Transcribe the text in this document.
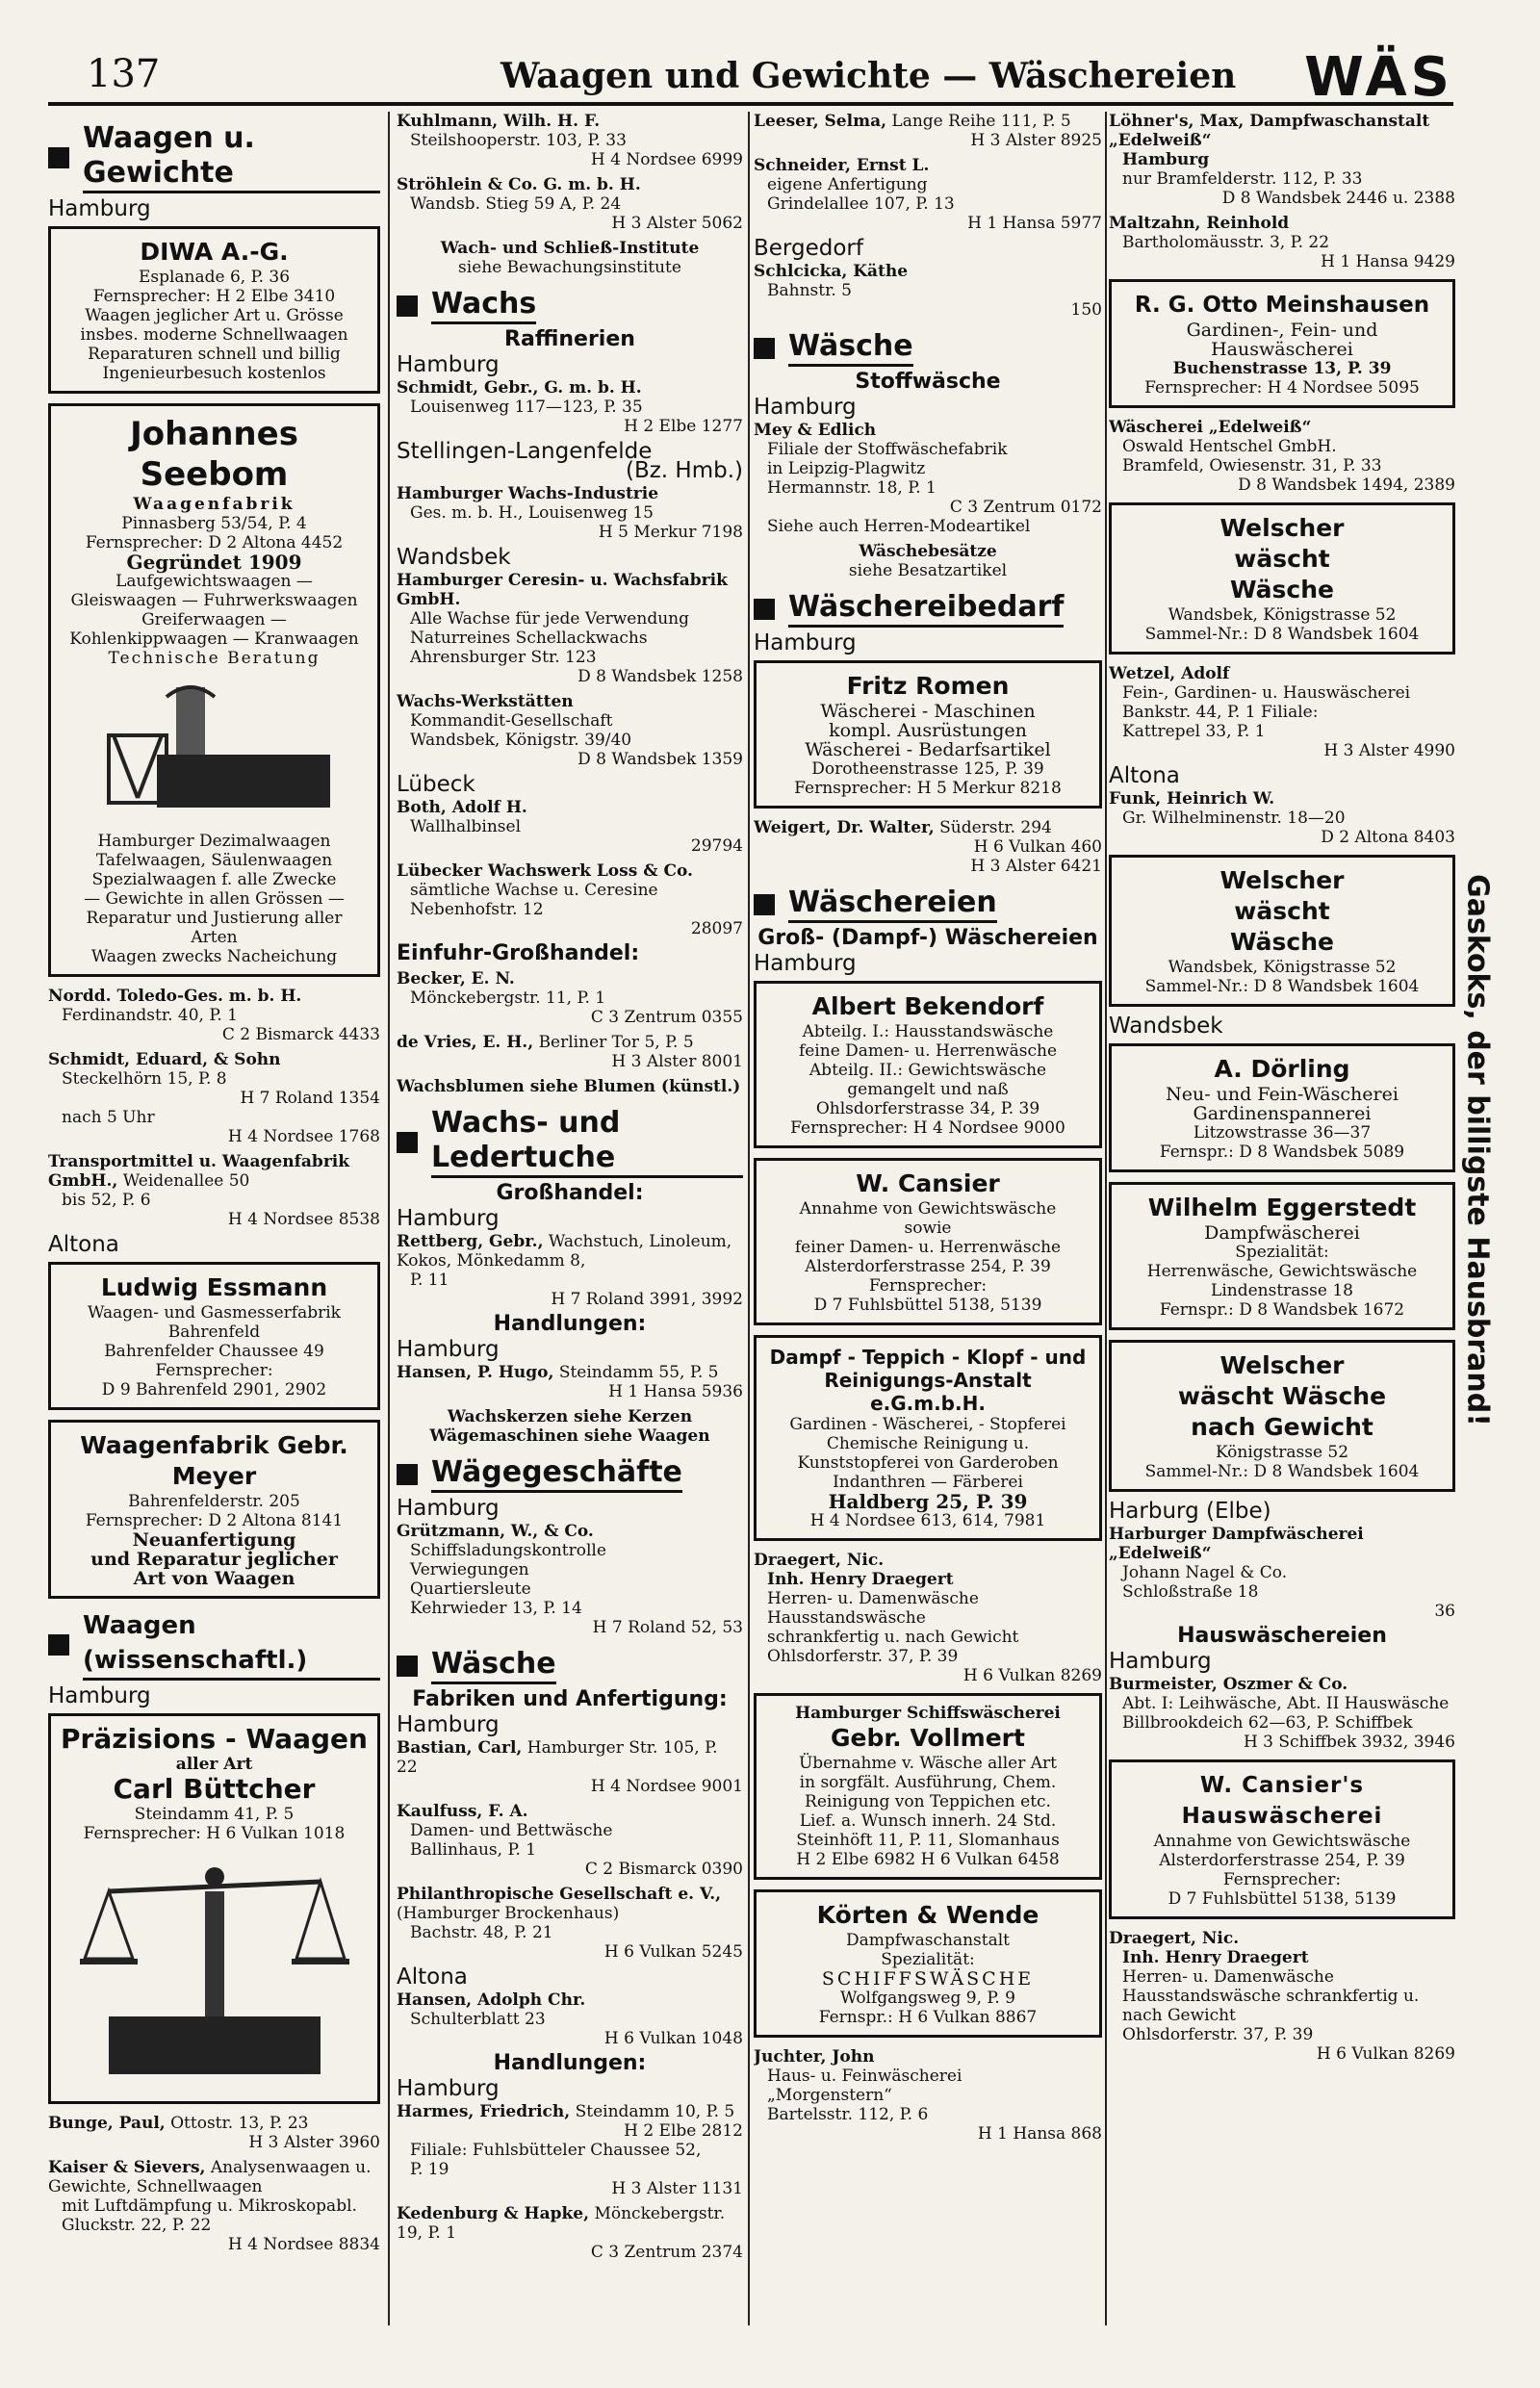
137	Waagen und Gewichte — Wäschereien WÄS
Waagen u. Gewichte
Hamburg
DIWA A.-G.
Esplanade 6, P. 36
Fernsprecher: H 2 Elbe 3410
Waagen jeglicher Art u. Grösse
insbes. moderne Schnellwaagen
Reparaturen schnell und billig
Ingenieurbesuch kostenlos
Johannes Seebom
Waagenfabrik
Pinnasberg 53/54, P. 4
Fernsprecher: D 2 Altona 4452
Gegründet 1909
Laufgewichtswaagen — Gleiswaagen — Fuhrwerkswaagen
Greiferwaagen — Kohlenkippwaagen — Kranwaagen
Technische Beratung
Hamburger Dezimalwaagen
Tafelwaagen, Säulenwaagen
Spezialwaagen f. alle Zwecke
— Gewichte in allen Grössen —
Reparatur und Justierung aller Arten
Waagen zwecks Nacheichung
Nordd. Toledo-Ges. m. b. H.
Ferdinandstr. 40, P. 1
C 2 Bismarck 4433
Schmidt, Eduard, & Sohn
Steckelhörn 15, P. 8
H 7 Roland 1354
nach 5 Uhr
H 4 Nordsee 1768
Transportmittel u. Waagenfabrik GmbH., Weidenallee 50
bis 52, P. 6
H 4 Nordsee 8538
Altona
Ludwig Essmann
Waagen- und Gasmesserfabrik
Bahrenfeld
Bahrenfelder Chaussee 49
Fernsprecher:
D 9 Bahrenfeld 2901, 2902
Waagenfabrik Gebr. Meyer
Bahrenfelderstr. 205
Fernsprecher: D 2 Altona 8141
Neuanfertigung
und Reparatur jeglicher
Art von Waagen
Waagen (wissenschaftl.)
Hamburg
Präzisions - Waagen
aller Art
Carl Büttcher
Steindamm 41, P. 5
Fernsprecher: H 6 Vulkan 1018
Bunge, Paul, Ottostr. 13, P. 23
H 3 Alster 3960
Kaiser & Sievers, Analysenwaagen u. Gewichte, Schnellwaagen
mit Luftdämpfung u. Mikroskopabl.
Gluckstr. 22, P. 22
H 4 Nordsee 8834
Kuhlmann, Wilh. H. F.
Steilshooperstr. 103, P. 33
H 4 Nordsee 6999
Ströhlein & Co. G. m. b. H.
Wandsb. Stieg 59 A, P. 24
H 3 Alster 5062
Wach- und Schließ-Institute
siehe Bewachungsinstitute
Wachs
Raffinerien
Hamburg
Schmidt, Gebr., G. m. b. H.
Louisenweg 117—123, P. 35
H 2 Elbe 1277
Stellingen-Langenfelde
(Bz. Hmb.)
Hamburger Wachs-Industrie
Ges. m. b. H., Louisenweg 15
H 5 Merkur 7198
Wandsbek
Hamburger Ceresin- u. Wachsfabrik GmbH.
Alle Wachse für jede Verwendung
Naturreines Schellackwachs
Ahrensburger Str. 123
D 8 Wandsbek 1258
Wachs-Werkstätten
Kommandit-Gesellschaft
Wandsbek, Königstr. 39/40
D 8 Wandsbek 1359
Lübeck
Both, Adolf H.
Wallhalbinsel
29794
Lübecker Wachswerk Loss & Co.
sämtliche Wachse u. Ceresine
Nebenhofstr. 12
28097
Einfuhr-Großhandel:
Becker, E. N.
Mönckebergstr. 11, P. 1
C 3 Zentrum 0355
de Vries, E. H., Berliner Tor 5, P. 5
H 3 Alster 8001
Wachsblumen siehe Blumen (künstl.)
Wachs- und Ledertuche
Großhandel:
Hamburg
Rettberg, Gebr., Wachstuch, Linoleum, Kokos, Mönkedamm 8,
P. 11
H 7 Roland 3991, 3992
Handlungen:
Hamburg
Hansen, P. Hugo, Steindamm 55, P. 5
H 1 Hansa 5936
Wachskerzen siehe Kerzen
Wägemaschinen siehe Waagen
Wägegeschäfte
Hamburg
Grützmann, W., & Co.
Schiffsladungskontrolle
Verwiegungen
Quartiersleute
Kehrwieder 13, P. 14
H 7 Roland 52, 53
Wäsche
Fabriken und Anfertigung:
Hamburg
Bastian, Carl, Hamburger Str. 105, P. 22
H 4 Nordsee 9001
Kaulfuss, F. A.
Damen- und Bettwäsche
Ballinhaus, P. 1
C 2 Bismarck 0390
Philanthropische Gesellschaft e. V., (Hamburger Brockenhaus)
Bachstr. 48, P. 21
H 6 Vulkan 5245
Altona
Hansen, Adolph Chr.
Schulterblatt 23
H 6 Vulkan 1048
Handlungen:
Hamburg
Harmes, Friedrich, Steindamm 10, P. 5
H 2 Elbe 2812
Filiale: Fuhlsbütteler Chaussee 52,
P. 19
H 3 Alster 1131
Kedenburg & Hapke, Mönckebergstr. 19, P. 1
C 3 Zentrum 2374
Leeser, Selma, Lange Reihe 111, P. 5
H 3 Alster 8925
Schneider, Ernst L.
eigene Anfertigung
Grindelallee 107, P. 13
H 1 Hansa 5977
Bergedorf
Schlcicka, Käthe
Bahnstr. 5
150
Wäsche
Stoffwäsche
Hamburg
Mey & Edlich
Filiale der Stoffwäschefabrik
in Leipzig-Plagwitz
Hermannstr. 18, P. 1
C 3 Zentrum 0172
Siehe auch Herren-Modeartikel
Wäschebesätze
siehe Besatzartikel
Wäschereibedarf
Hamburg
Fritz Romen
Wäscherei - Maschinen
kompl. Ausrüstungen
Wäscherei - Bedarfsartikel
Dorotheenstrasse 125, P. 39
Fernsprecher: H 5 Merkur 8218
Weigert, Dr. Walter, Süderstr. 294
H 6 Vulkan 460
H 3 Alster 6421
Wäschereien
Groß- (Dampf-) Wäschereien
Hamburg
Albert Bekendorf
Abteilg. I.: Hausstandswäsche
feine Damen- u. Herrenwäsche
Abteilg. II.: Gewichtswäsche
gemangelt und naß
Ohlsdorferstrasse 34, P. 39
Fernsprecher: H 4 Nordsee 9000
W. Cansier
Annahme von Gewichtswäsche
sowie
feiner Damen- u. Herrenwäsche
Alsterdorferstrasse 254, P. 39
Fernsprecher:
D 7 Fuhlsbüttel 5138, 5139
Dampf - Teppich - Klopf - und Reinigungs-Anstalt e.G.m.b.H.
Gardinen - Wäscherei, - Stopferei
Chemische Reinigung u. Kunststopferei von Garderoben
Indanthren — Färberei
Haldberg 25, P. 39
H 4 Nordsee 613, 614, 7981
Draegert, Nic.
Inh. Henry Draegert
Herren- u. Damenwäsche
Hausstandswäsche
schrankfertig u. nach Gewicht
Ohlsdorferstr. 37, P. 39
H 6 Vulkan 8269
Hamburger Schiffswäscherei
Gebr. Vollmert
Übernahme v. Wäsche aller Art
in sorgfält. Ausführung, Chem.
Reinigung von Teppichen etc.
Lief. a. Wunsch innerh. 24 Std.
Steinhöft 11, P. 11, Slomanhaus
H 2 Elbe 6982 H 6 Vulkan 6458
Körten & Wende
Dampfwaschanstalt
Spezialität:
SCHIFFSWÄSCHE
Wolfgangsweg 9, P. 9
Fernspr.: H 6 Vulkan 8867
Juchter, John
Haus- u. Feinwäscherei
„Morgenstern“
Bartelsstr. 112, P. 6
H 1 Hansa 868
Löhner's, Max, Dampfwaschanstalt „Edelweiß“
Hamburg
nur Bramfelderstr. 112, P. 33
D 8 Wandsbek 2446 u. 2388
Maltzahn, Reinhold
Bartholomäusstr. 3, P. 22
H 1 Hansa 9429
R. G. Otto Meinshausen
Gardinen-, Fein- und
Hauswäscherei
Buchenstrasse 13, P. 39
Fernsprecher: H 4 Nordsee 5095
Wäscherei „Edelweiß“
Oswald Hentschel GmbH.
Bramfeld, Owiesenstr. 31, P. 33
D 8 Wandsbek 1494, 2389
Welscher
wäscht
Wäsche
Wandsbek, Königstrasse 52
Sammel-Nr.: D 8 Wandsbek 1604
Wetzel, Adolf
Fein-, Gardinen- u. Hauswäscherei
Bankstr. 44, P. 1 Filiale:
Kattrepel 33, P. 1
H 3 Alster 4990
Altona
Funk, Heinrich W.
Gr. Wilhelminenstr. 18—20
D 2 Altona 8403
Welscher
wäscht
Wäsche
Wandsbek, Königstrasse 52
Sammel-Nr.: D 8 Wandsbek 1604
Wandsbek
A. Dörling
Neu- und Fein-Wäscherei
Gardinenspannerei
Litzowstrasse 36—37
Fernspr.: D 8 Wandsbek 5089
Wilhelm Eggerstedt
Dampfwäscherei
Spezialität:
Herrenwäsche, Gewichtswäsche
Lindenstrasse 18
Fernspr.: D 8 Wandsbek 1672
Welscher
wäscht Wäsche
nach Gewicht
Königstrasse 52
Sammel-Nr.: D 8 Wandsbek 1604
Harburg (Elbe)
Harburger Dampfwäscherei „Edelweiß“
Johann Nagel & Co.
Schloßstraße 18
36
Hauswäschereien
Hamburg
Burmeister, Oszmer & Co.
Abt. I: Leihwäsche, Abt. II Hauswäsche
Billbrookdeich 62—63, P. Schiffbek
H 3 Schiffbek 3932, 3946
W. Cansier's Hauswäscherei
Annahme von Gewichtswäsche
Alsterdorferstrasse 254, P. 39
Fernsprecher:
D 7 Fuhlsbüttel 5138, 5139
Draegert, Nic.
Inh. Henry Draegert
Herren- u. Damenwäsche
Hausstandswäsche schrankfertig u.
nach Gewicht
Ohlsdorferstr. 37, P. 39
H 6 Vulkan 8269
Gaskoks, der billigste Hausbrand!
